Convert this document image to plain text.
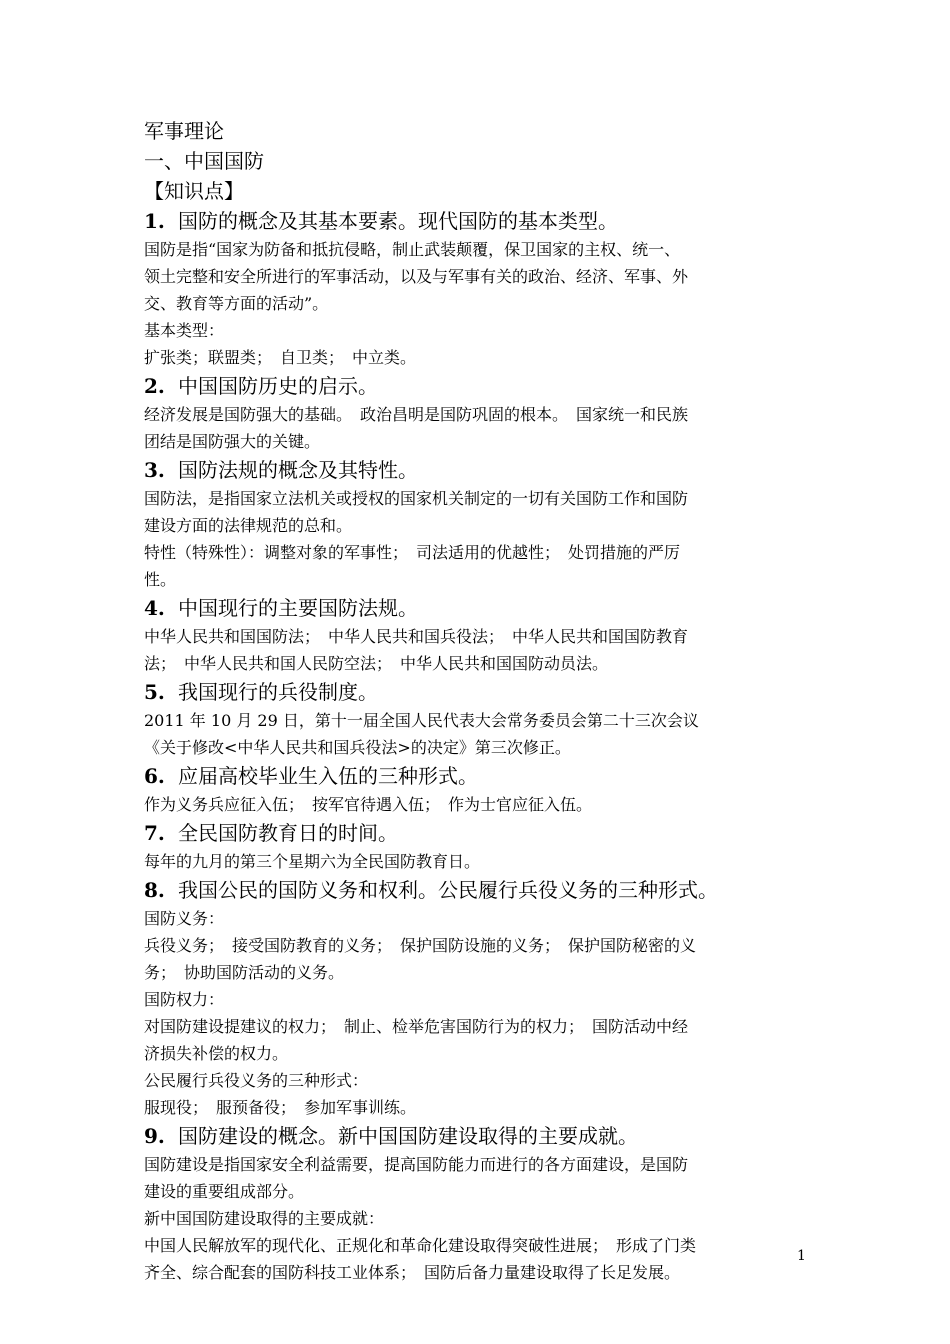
军事理论
一、中国国防
【知识点】
1. 国防的概念及其基本要素。现代国防的基本类型。
国防是指“国家为防备和抵抗侵略，制止武装颠覆，保卫国家的主权、统一、
领土完整和安全所进行的军事活动，以及与军事有关的政治、经济、军事、外
交、教育等方面的活动”。
基本类型：
扩张类；联盟类；　自卫类；　中立类。
2. 中国国防历史的启示。
经济发展是国防强大的基础。　政治昌明是国防巩固的根本。　国家统一和民族
团结是国防强大的关键。
3. 国防法规的概念及其特性。
国防法，是指国家立法机关或授权的国家机关制定的一切有关国防工作和国防
建设方面的法律规范的总和。
特性（特殊性）：调整对象的军事性；　司法适用的优越性；　处罚措施的严厉
性。
4. 中国现行的主要国防法规。
中华人民共和国国防法；　中华人民共和国兵役法；　中华人民共和国国防教育
法；　中华人民共和国人民防空法；　中华人民共和国国防动员法。
5. 我国现行的兵役制度。
2011 年 10 月 29 日，第十一届全国人民代表大会常务委员会第二十三次会议
《关于修改<中华人民共和国兵役法>的决定》第三次修正。
6. 应届高校毕业生入伍的三种形式。
作为义务兵应征入伍；　按军官待遇入伍；　作为士官应征入伍。
7. 全民国防教育日的时间。
每年的九月的第三个星期六为全民国防教育日。
8. 我国公民的国防义务和权利。公民履行兵役义务的三种形式。
国防义务：
兵役义务；　接受国防教育的义务；　保护国防设施的义务；　保护国防秘密的义
务；　协助国防活动的义务。
国防权力：
对国防建设提建议的权力；　制止、检举危害国防行为的权力；　国防活动中经
济损失补偿的权力。
公民履行兵役义务的三种形式：
服现役；　服预备役；　参加军事训练。
9. 国防建设的概念。新中国国防建设取得的主要成就。
国防建设是指国家安全利益需要，提高国防能力而进行的各方面建设，是国防
建设的重要组成部分。
新中国国防建设取得的主要成就：
中国人民解放军的现代化、正规化和革命化建设取得突破性进展；　形成了门类
齐全、综合配套的国防科技工业体系；　国防后备力量建设取得了长足发展。
1
